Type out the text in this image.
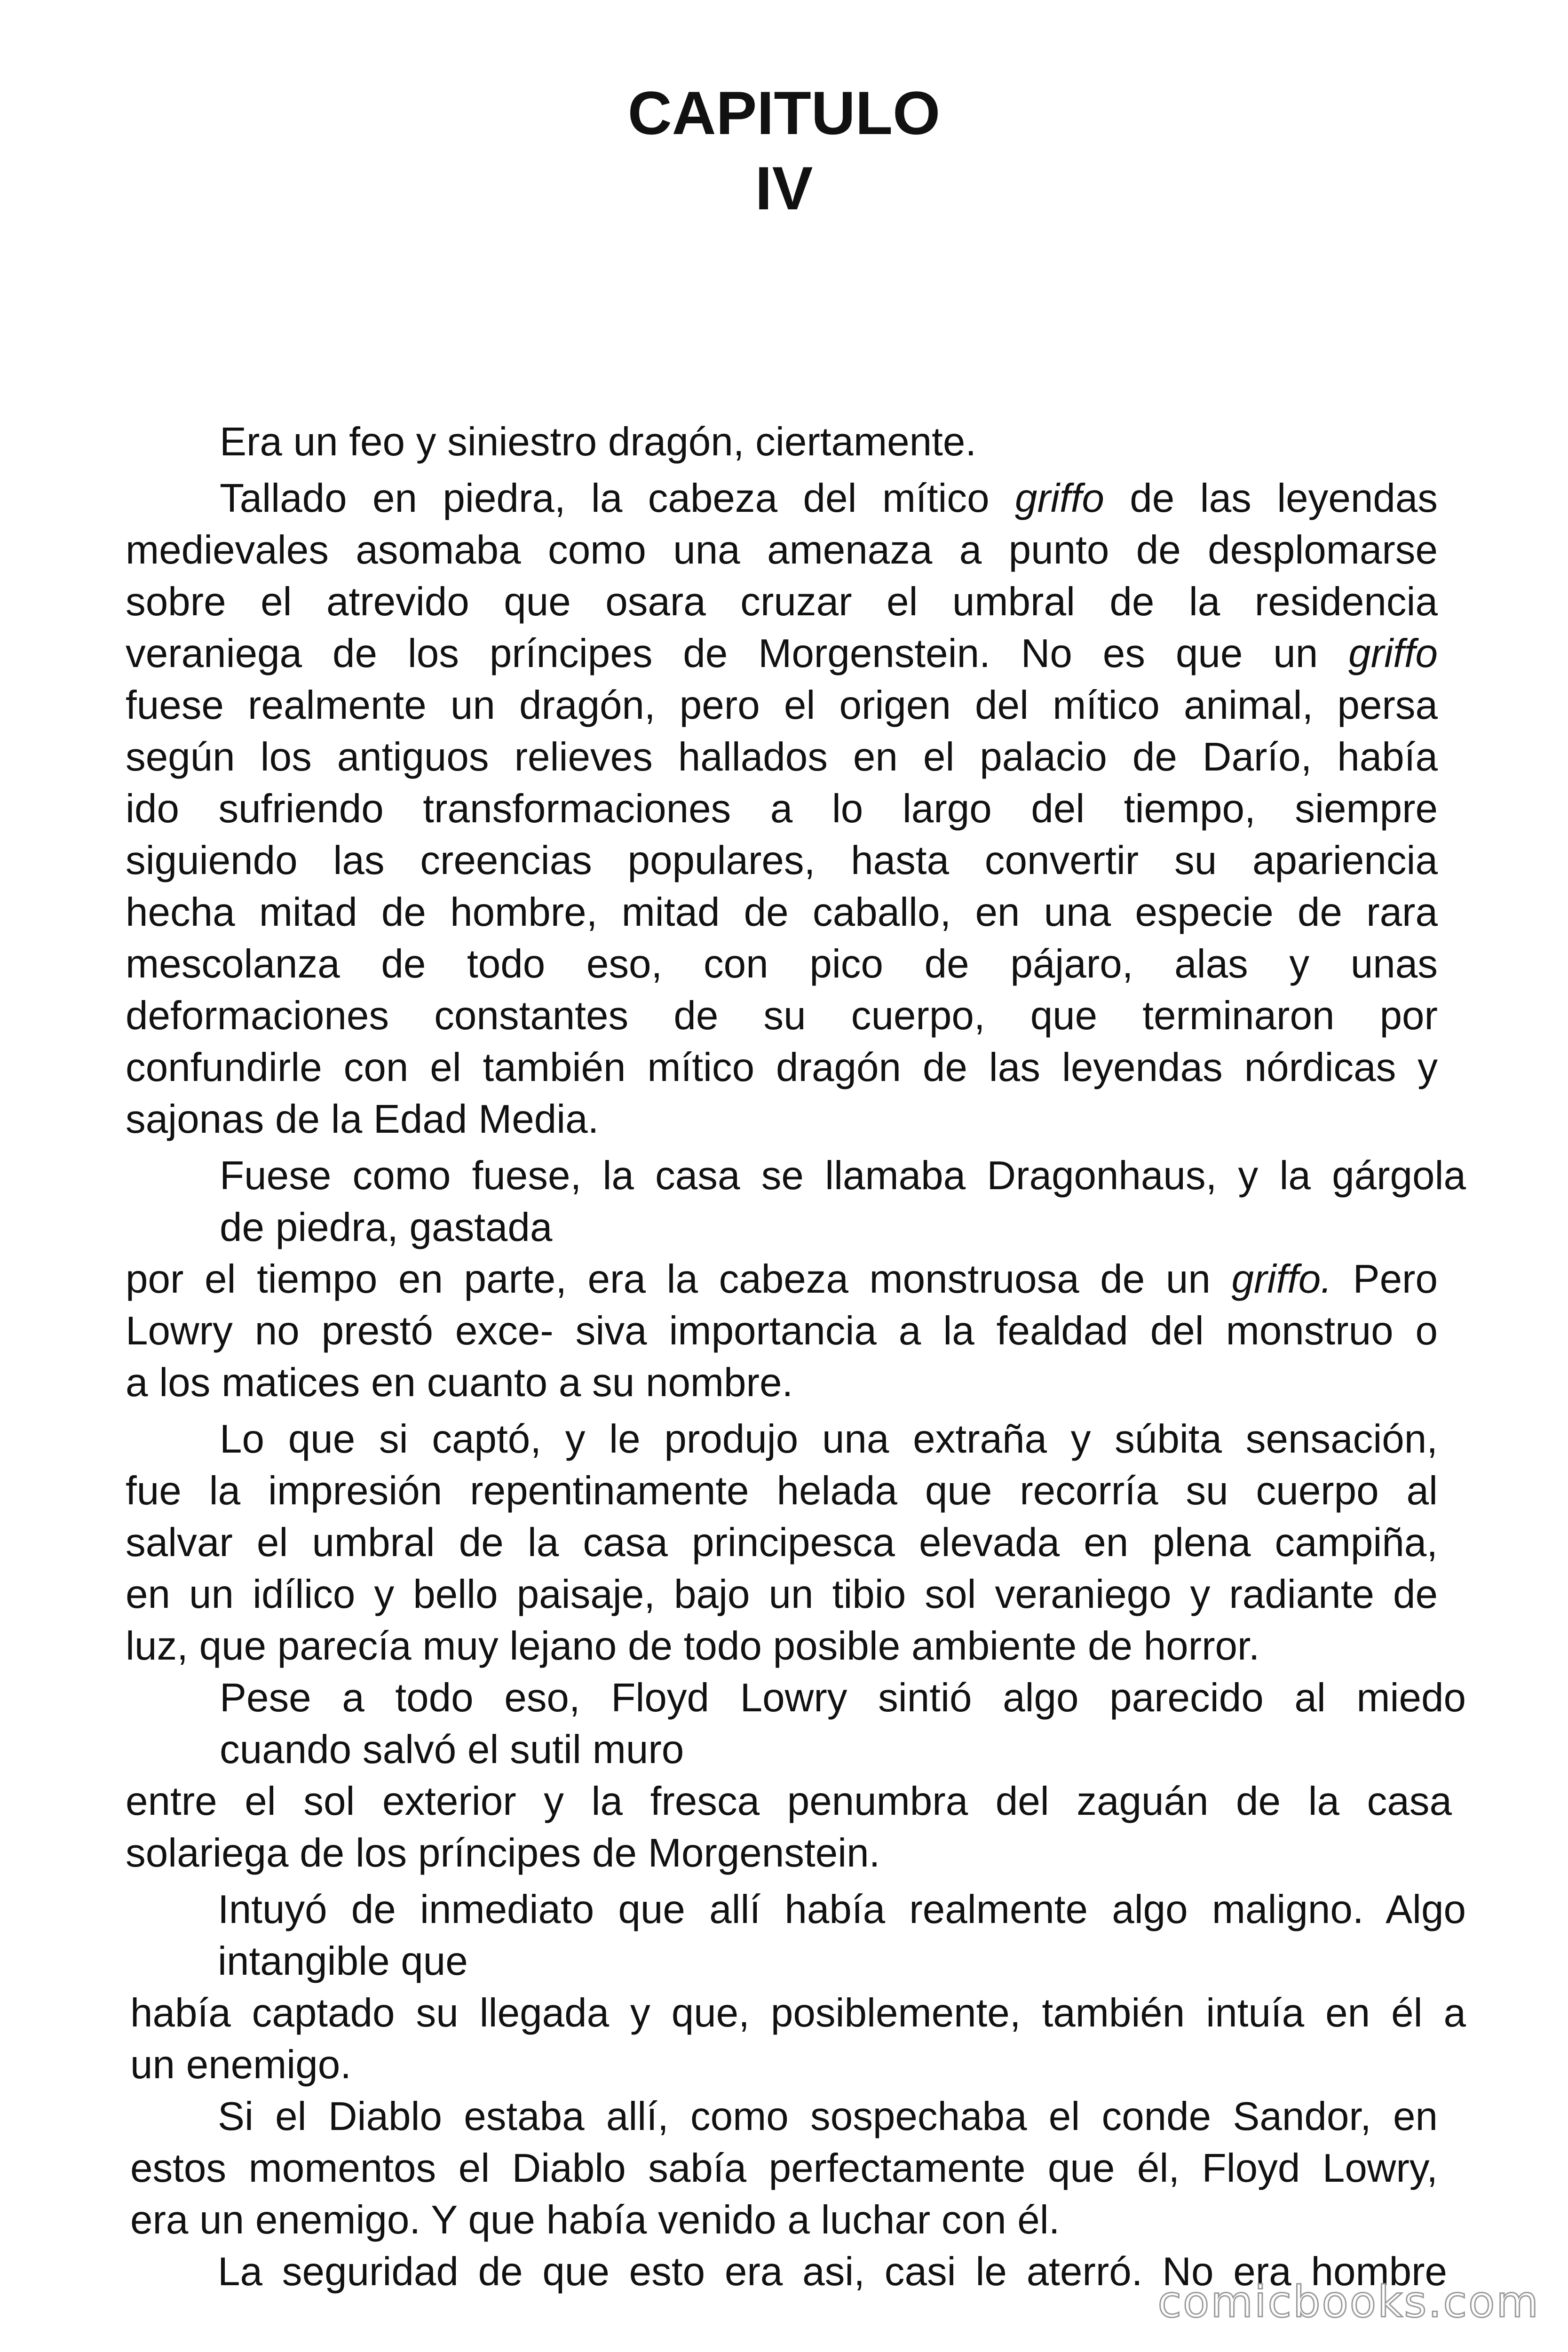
CAPITULO
IV
Era un feo y siniestro dragón, ciertamente.
Tallado en piedra, la cabeza del mítico griffo de las leyendas
medievales asomaba como una amenaza a punto de desplomarse
sobre el atrevido que osara cruzar el umbral de la residencia
veraniega de los príncipes de Morgenstein. No es que un griffo
fuese realmente un dragón, pero el origen del mítico animal, persa
según los antiguos relieves hallados en el palacio de Darío, había
ido sufriendo transformaciones a lo largo del tiempo, siempre
siguiendo las creencias populares, hasta convertir su apariencia
hecha mitad de hombre, mitad de caballo, en una especie de rara
mescolanza de todo eso, con pico de pájaro, alas y unas
deformaciones constantes de su cuerpo, que terminaron por
confundirle con el también mítico dragón de las leyendas nórdicas y
sajonas de la Edad Media.
Fuese como fuese, la casa se llamaba Dragonhaus, y la gárgola
de piedra, gastada
por el tiempo en parte, era la cabeza monstruosa de un griffo. Pero
Lowry no prestó exce- siva importancia a la fealdad del monstruo o
a los matices en cuanto a su nombre.
Lo que si captó, y le produjo una extraña y súbita sensación,
fue la impresión repentinamente helada que recorría su cuerpo al
salvar el umbral de la casa principesca elevada en plena campiña,
en un idílico y bello paisaje, bajo un tibio sol veraniego y radiante de
luz, que parecía muy lejano de todo posible ambiente de horror.
Pese a todo eso, Floyd Lowry sintió algo parecido al miedo
cuando salvó el sutil muro
entre el sol exterior y la fresca penumbra del zaguán de la casa
solariega de los príncipes de Morgenstein.
Intuyó de inmediato que allí había realmente algo maligno. Algo
intangible que
había captado su llegada y que, posiblemente, también intuía en él a
un enemigo.
Si el Diablo estaba allí, como sospechaba el conde Sandor, en
estos momentos el Diablo sabía perfectamente que él, Floyd Lowry,
era un enemigo. Y que había venido a luchar con él.
La seguridad de que esto era asi, casi le aterró. No era hombre
comicbooks.com
